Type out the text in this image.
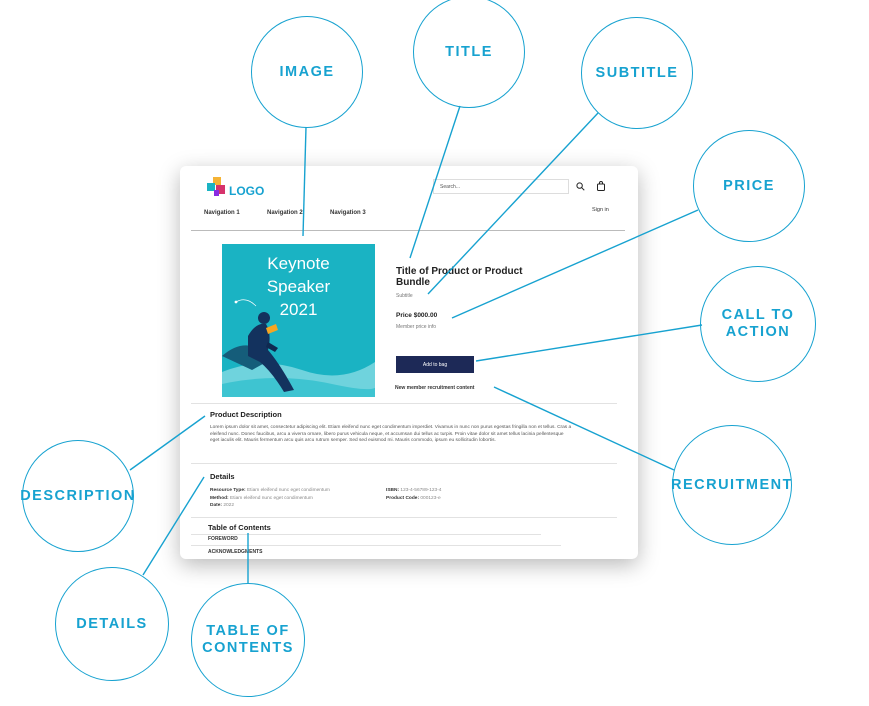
IMAGE
TITLE
SUBTITLE
PRICE
CALL TO
ACTION
RECRUITMENT
DESCRIPTION
DETAILS	TABLE OF
CONTENTS
LOGO
Navigation 1	Navigation 2	Navigation 3
Search...
Sign in
Keynote
Speaker
2021
Title of Product or Product Bundle
Subtitle
Price $000.00
Member price info
Add to bag
New member recruitment content
Product Description
Lorem ipsum dolor sit amet, consectetur adipiscing elit. Etiam eleifend nunc eget condimentum imperdiet. Vivamus in nunc non purus egestas fringilla non et tellus. Cras a eleifend nunc. Donec faucibus, arcu a viverra ornare, libero purus vehicula neque, et accumsan dui tellus ac turpis. Proin vitae dolor sit amet tellus lacinia pellentesque eget iaculis elit. Mauris fermentum arcu quis arcu rutrum semper. Sed sed euismod mi. Mauris commodo, ipsum eu sollicitudin lobortis.
Details
Resource Type: Etiam eleifend nunc eget condimentum
Method: Etiam eleifend nunc eget condimentum
Date: 2022
ISBN: 123-4-56789-123-4
Product Code: 000123-e
Table of Contents
FOREWORD
ACKNOWLEDGMENTS
